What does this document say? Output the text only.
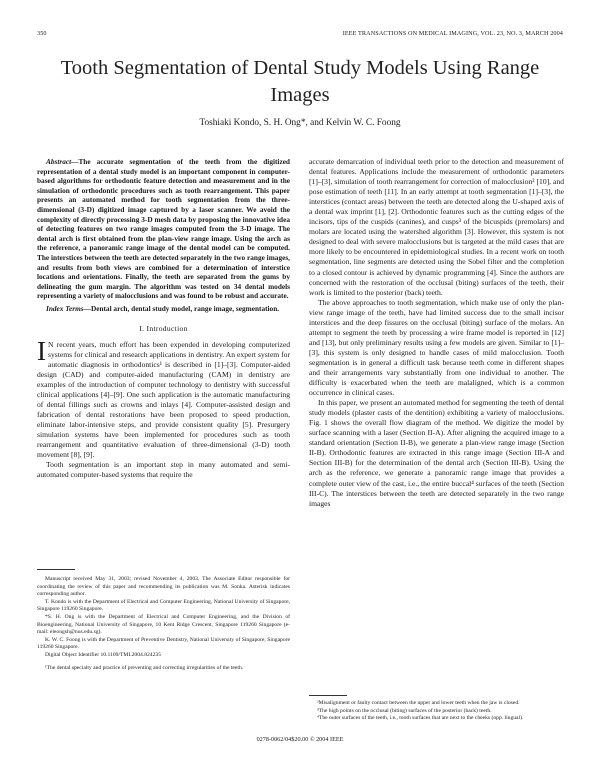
350	IEEE TRANSACTIONS ON MEDICAL IMAGING, VOL. 23, NO. 3, MARCH 2004
Tooth Segmentation of Dental Study Models Using Range Images
Toshiaki Kondo, S. H. Ong*, and Kelvin W. C. Foong

Abstract—The accurate segmentation of the teeth from the digitized representation of a dental study model is an important component in computer-based algorithms for orthodontic feature detection and measurement and in the simulation of orthodontic procedures such as tooth rearrangement. This paper presents an automated method for tooth segmentation from the three-dimensional (3-D) digitized image captured by a laser scanner. We avoid the complexity of directly processing 3-D mesh data by proposing the innovative idea of detecting features on two range images computed from the 3-D image. The dental arch is first obtained from the plan-view range image. Using the arch as the reference, a panoramic range image of the dental model can be computed. The interstices between the teeth are detected separately in the two range images, and results from both views are combined for a determination of interstice locations and orientations. Finally, the teeth are separated from the gums by delineating the gum margin. The algorithm was tested on 34 dental models representing a variety of malocclusions and was found to be robust and accurate.

Index Terms—Dental arch, dental study model, range image, segmentation.

I. Introduction

I N recent years, much effort has been expended in developing computerized systems for clinical and research applications in dentistry. An expert system for automatic diagnosis in orthodontics¹ is described in [1]–[3]. Computer-aided design (CAD) and computer-aided manufacturing (CAM) in dentistry are examples of the introduction of computer technology to dentistry with successful clinical applications [4]–[9]. One such application is the automatic manufacturing of dental fillings such as crowns and inlays [4]. Computer-assisted design and fabrication of dental restorations have been proposed to speed production, eliminate labor-intensive steps, and provide consistent quality [5]. Presurgery simulation systems have been implemented for procedures such as tooth rearrangement and quantitative evaluation of three-dimensional (3-D) tooth movement [8], [9].

Tooth segmentation is an important step in many automated and semi-automated computer-based systems that require the

Manuscript received May 31, 2003; revised November 4, 2003. The Associate Editor responsible for coordinating the review of this paper and recommending its publication was M. Sonka. Asterisk indicates corresponding author.

T. Kondo is with the Department of Electrical and Computer Engineering, National University of Singapore, Singapore 119260 Singapore.

*S. H. Ong is with the Department of Electrical and Computer Engineering, and the Division of Bioengineering, National University of Singapore, 10 Kent Ridge Crescent, Singapore 119260 Singapore (e-mail: eleongsh@nus.edu.sg).

K. W. C. Foong is with the Department of Preventive Dentistry, National University of Singapore, Singapore 119260 Singapore.

Digital Object Identifier 10.1109/TMI.2004.824235

¹The dental specialty and practice of preventing and correcting irregularities of the teeth.

accurate demarcation of individual teeth prior to the detection and measurement of dental features. Applications include the measurement of orthodontic parameters [1]–[3], simulation of tooth rearrangement for correction of malocclusion² [10], and pose estimation of teeth [11]. In an early attempt at tooth segmentation [1]–[3], the interstices (contact areas) between the teeth are detected along the U-shaped axis of a dental wax imprint [1], [2]. Orthodontic features such as the cutting edges of the incisors, tips of the cuspids (canines), and cusps³ of the bicuspids (premolars) and molars are located using the watershed algorithm [3]. However, this system is not designed to deal with severe malocclusions but is targeted at the mild cases that are more likely to be encountered in epidemiological studies. In a recent work on tooth segmentation, line segments are detected using the Sobel filter and the completion to a closed contour is achieved by dynamic programming [4]. Since the authors are concerned with the restoration of the occlusal (biting) surfaces of the teeth, their work is limited to the posterior (back) teeth.

The above approaches to tooth segmentation, which make use of only the plan-view range image of the teeth, have had limited success due to the small incisor interstices and the deep fissures on the occlusal (biting) surface of the molars. An attempt to segment the teeth by processing a wire frame model is reported in [12] and [13], but only preliminary results using a few models are given. Similar to [1]–[3], this system is only designed to handle cases of mild malocclusion. Tooth segmentation is in general a difficult task because teeth come in different shapes and their arrangements vary substantially from one individual to another. The difficulty is exacerbated when the teeth are malaligned, which is a common occurrence in clinical cases.

In this paper, we present an automated method for segmenting the teeth of dental study models (plaster casts of the dentition) exhibiting a variety of malocclusions. Fig. 1 shows the overall flow diagram of the method. We digitize the model by surface scanning with a laser (Section II-A). After aligning the acquired image to a standard orientation (Section II-B), we generate a plan-view range image (Section II-B). Orthodontic features are extracted in this range image (Section III-A and Section III-B) for the determination of the dental arch (Section III-B). Using the arch as the reference, we generate a panoramic range image that provides a complete outer view of the cast, i.e., the entire buccal⁴ surfaces of the teeth (Section III-C). The interstices between the teeth are detected separately in the two range images

²Misalignment or faulty contact between the upper and lower teeth when the jaw is closed.

³The high points on the occlusal (biting) surfaces of the posterior (back) teeth.

⁴The outer surfaces of the teeth, i.e., tooth surfaces that are next to the cheeks (opp. lingual).

0278-0062/04$20.00 © 2004 IEEE
